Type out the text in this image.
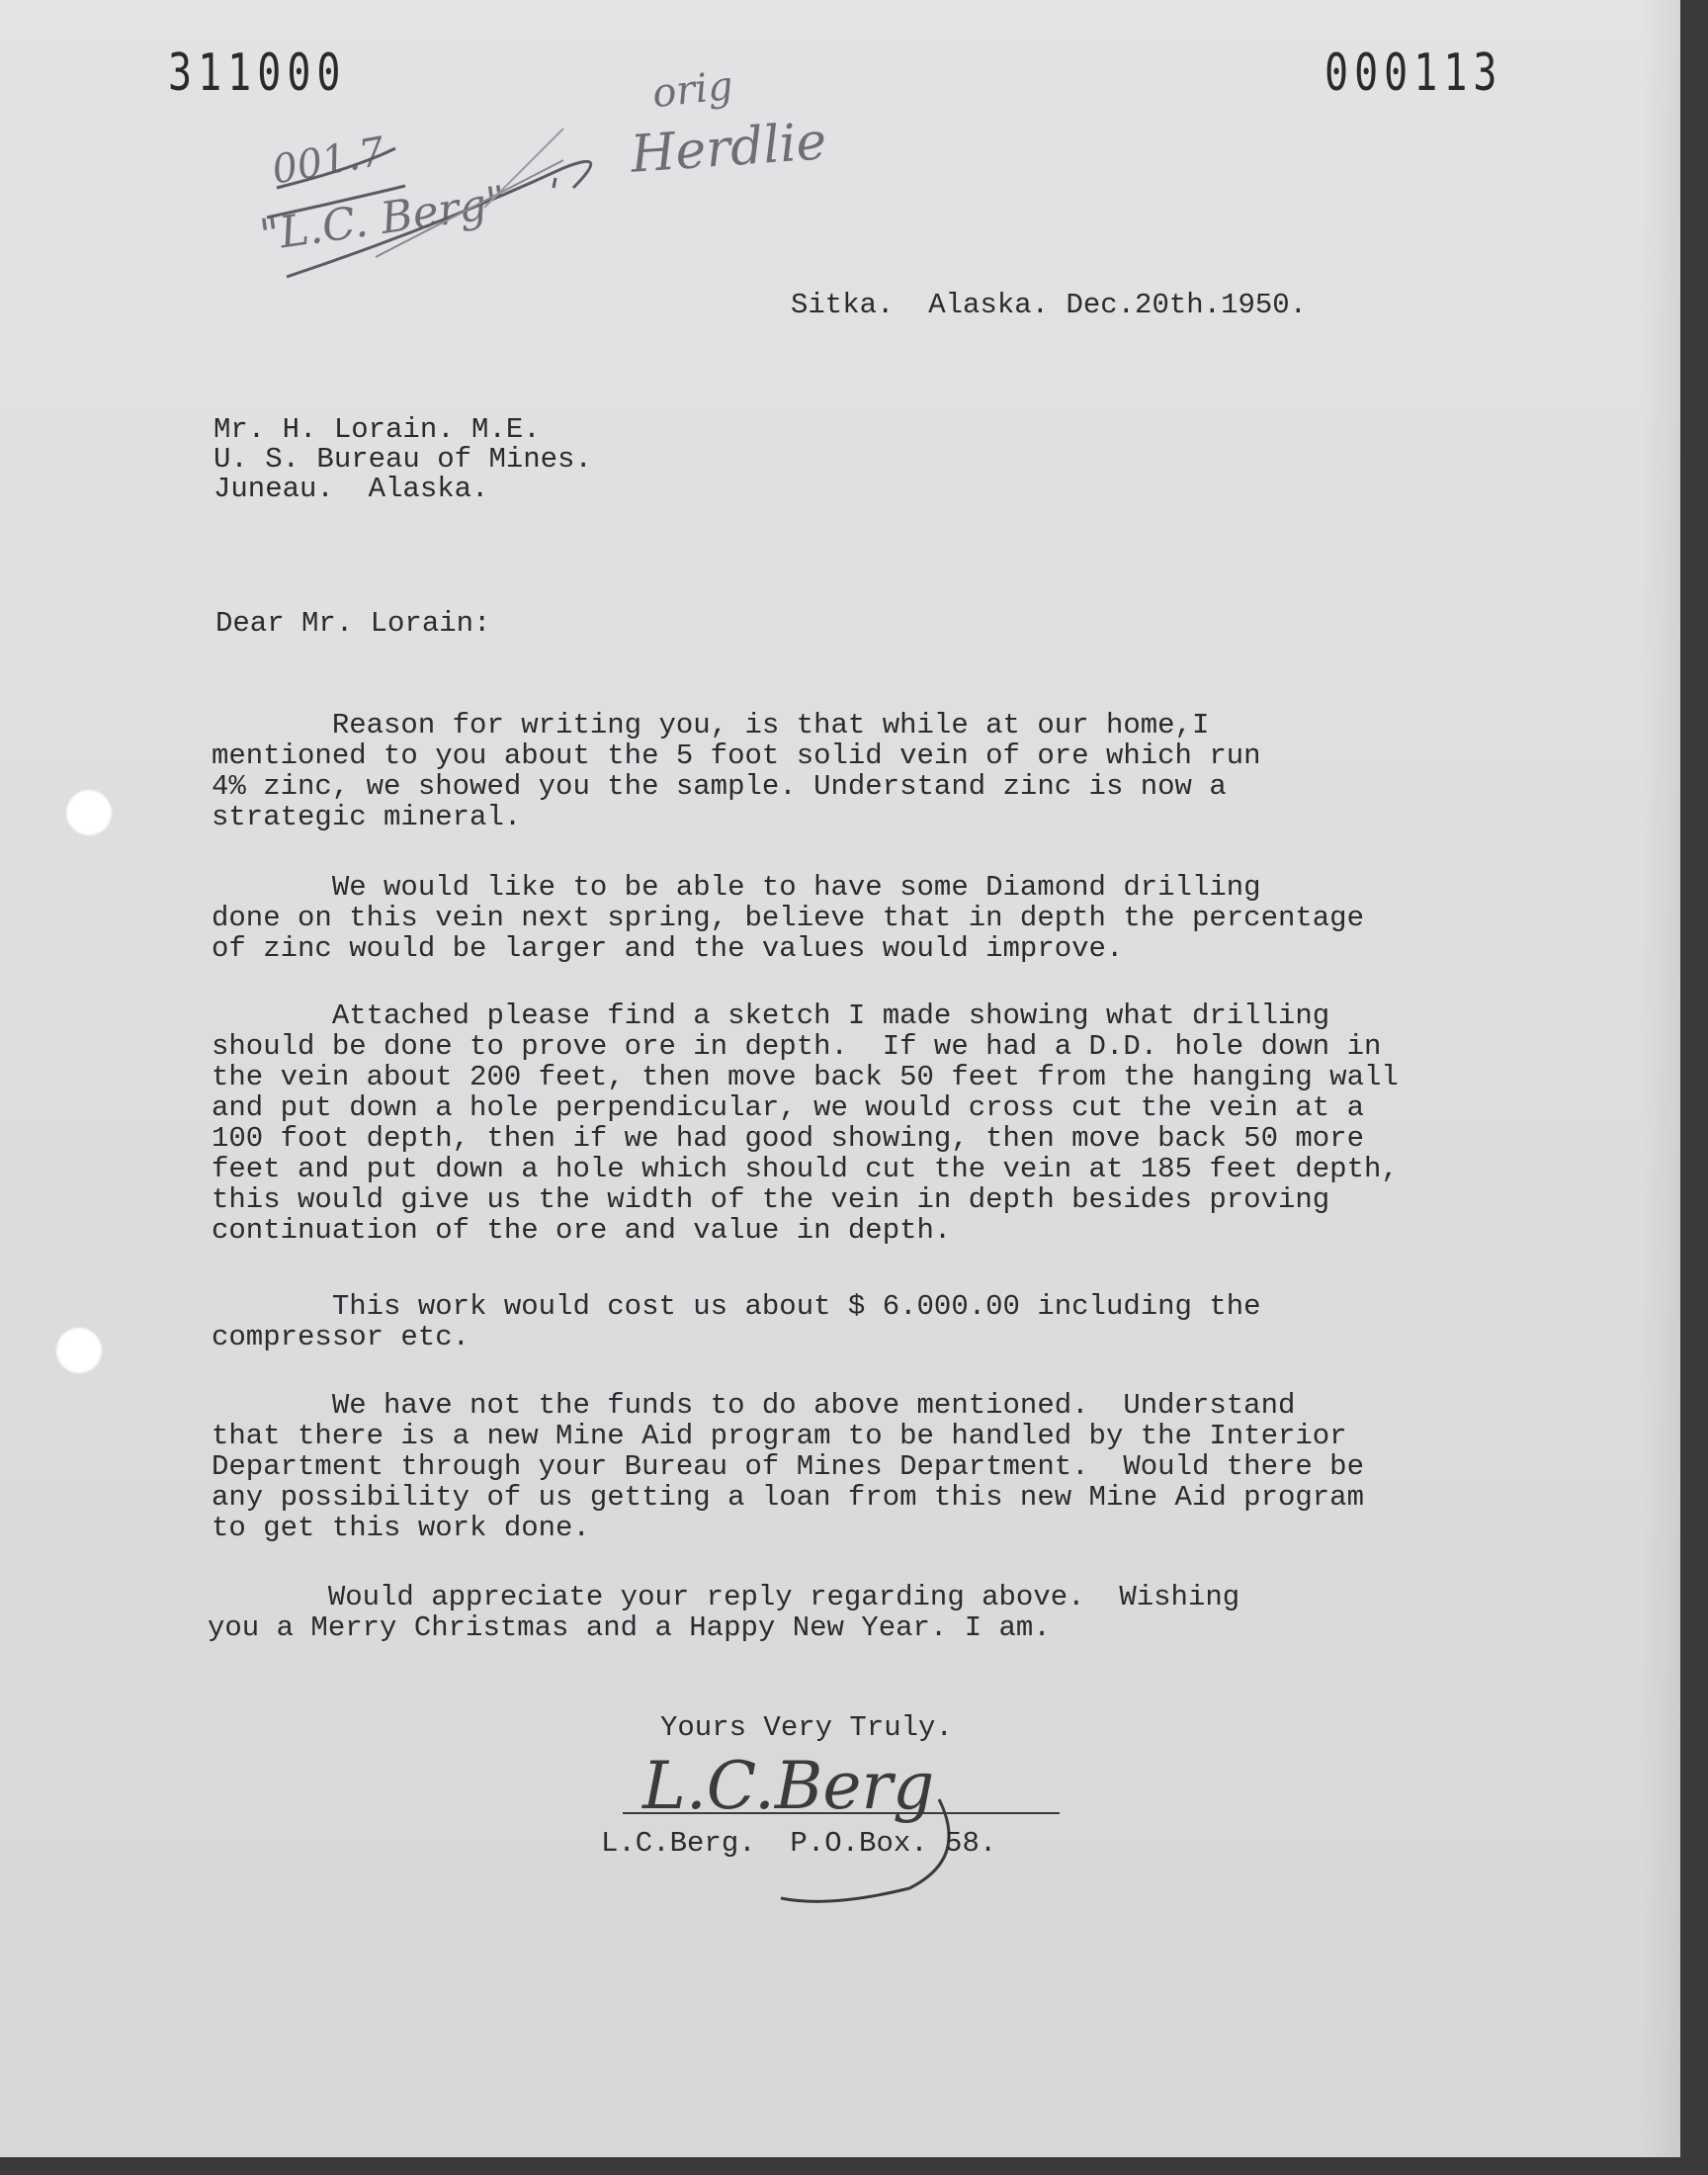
311000	000113
orig
Herdlie
001.7
"L.C. Berg"
Sitka.  Alaska. Dec.20th.1950.
Mr. H. Lorain. M.E.
U. S. Bureau of Mines.
Juneau.  Alaska.
Dear Mr. Lorain:
Reason for writing you, is that while at our home,I
mentioned to you about the 5 foot solid vein of ore which run
4% zinc, we showed you the sample. Understand zinc is now a
strategic mineral.
We would like to be able to have some Diamond drilling
done on this vein next spring, believe that in depth the percentage
of zinc would be larger and the values would improve.
Attached please find a sketch I made showing what drilling
should be done to prove ore in depth.  If we had a D.D. hole down in
the vein about 200 feet, then move back 50 feet from the hanging wall
and put down a hole perpendicular, we would cross cut the vein at a
100 foot depth, then if we had good showing, then move back 50 more
feet and put down a hole which should cut the vein at 185 feet depth,
this would give us the width of the vein in depth besides proving
continuation of the ore and value in depth.
This work would cost us about $ 6.000.00 including the
compressor etc.
We have not the funds to do above mentioned.  Understand
that there is a new Mine Aid program to be handled by the Interior
Department through your Bureau of Mines Department.  Would there be
any possibility of us getting a loan from this new Mine Aid program
to get this work done.
Would appreciate your reply regarding above.  Wishing
you a Merry Christmas and a Happy New Year. I am.
Yours Very Truly.
L.C.Berg
L.C.Berg.  P.O.Box. 58.
